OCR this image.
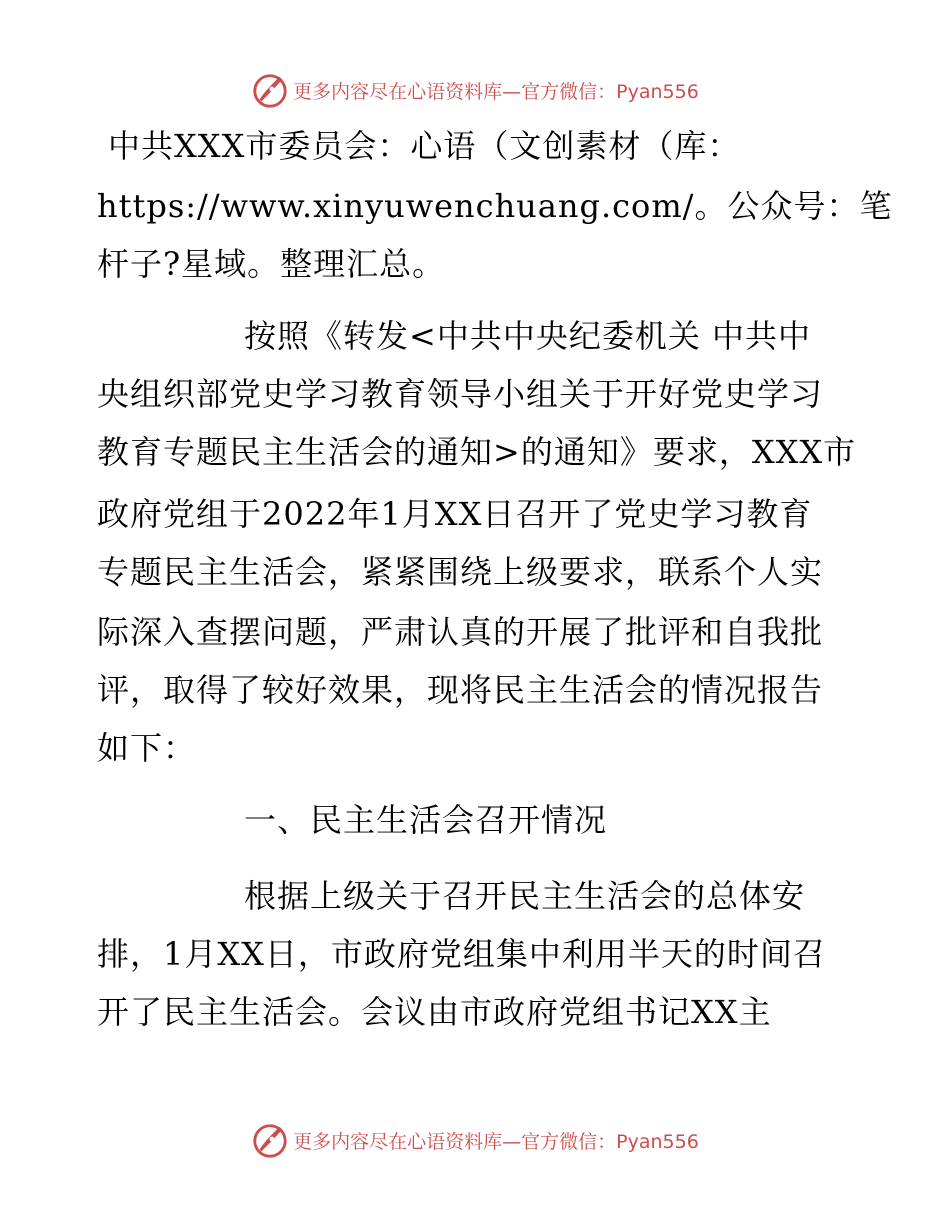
更多内容尽在心语资料库— 官方微信：Pyan556
中共XXX市委员会：心语（文创素材（库：
https://www.xinyuwenchuang.com/。公众号：笔
杆子?星域。整理汇总。
按照《转发<中共中央纪委机关 中共中
央组织部党史学习教育领导小组关于开好党史学习
教育专题民主生活会的通知>的通知》要求，XXX市
政府党组于2022年1月XX日召开了党史学习教育
专题民主生活会，紧紧围绕上级要求，联系个人实
际深入查摆问题，严肃认真的开展了批评和自我批
评，取得了较好效果，现将民主生活会的情况报告
如下：
一、民主生活会召开情况
根据上级关于召开民主生活会的总体安
排，1月XX日，市政府党组集中利用半天的时间召
开了民主生活会。会议由市政府党组书记XX主
更多内容尽在心语资料库— 官方微信：Pyan556
